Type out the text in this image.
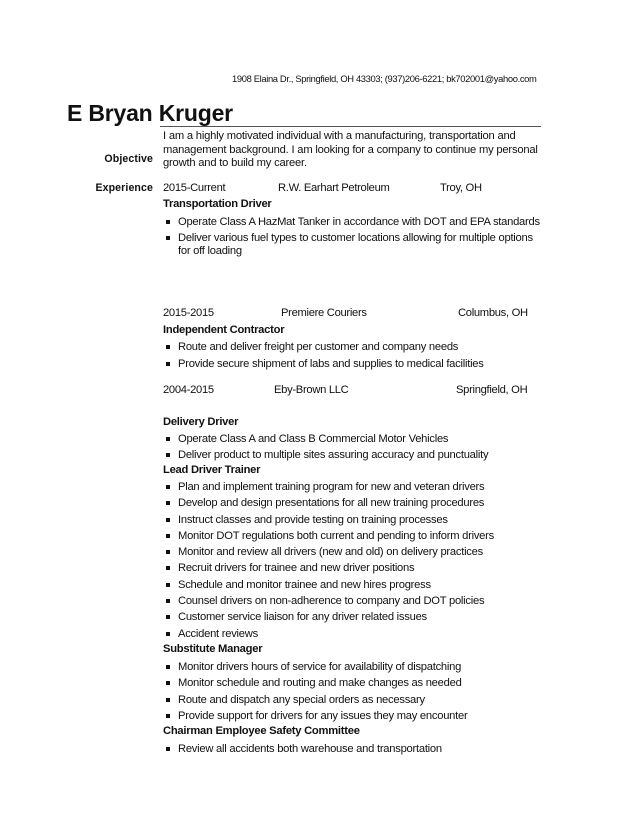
1908 Elaina Dr., Springfield, OH 43303; (937)206-6221; bk702001@yahoo.com
E Bryan Kruger
Objective
I am a highly motivated individual with a manufacturing, transportation and management background. I am looking for a company to continue my personal growth and to build my career.
Experience 2015-Current	R.W. Earhart Petroleum	Troy, OH
Transportation Driver
Operate Class A HazMat Tanker in accordance with DOT and EPA standards
Deliver various fuel types to customer locations allowing for multiple options for off loading
2015-2015	Premiere Couriers	Columbus, OH
Independent Contractor
Route and deliver freight per customer and company needs
Provide secure shipment of labs and supplies to medical facilities
2004-2015	Eby-Brown LLC	Springfield, OH
Delivery Driver
Operate Class A and Class B Commercial Motor Vehicles
Deliver product to multiple sites assuring accuracy and punctuality
Lead Driver Trainer
Plan and implement training program for new and veteran drivers
Develop and design presentations for all new training procedures
Instruct classes and provide testing on training processes
Monitor DOT regulations both current and pending to inform drivers
Monitor and review all drivers (new and old) on delivery practices
Recruit drivers for trainee and new driver positions
Schedule and monitor trainee and new hires progress
Counsel drivers on non-adherence to company and DOT policies
Customer service liaison for any driver related issues
Accident reviews
Substitute Manager
Monitor drivers hours of service for availability of dispatching
Monitor schedule and routing and make changes as needed
Route and dispatch any special orders as necessary
Provide support for drivers for any issues they may encounter
Chairman Employee Safety Committee
Review all accidents both warehouse and transportation
